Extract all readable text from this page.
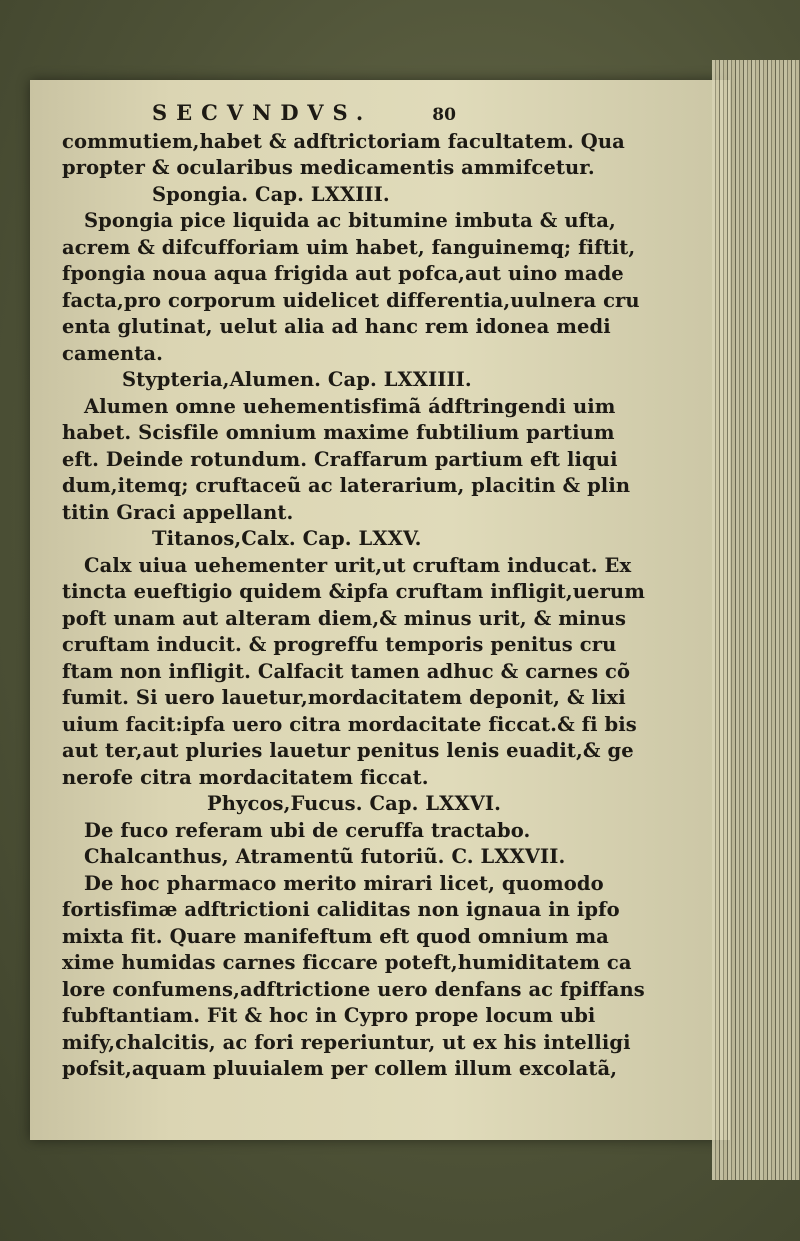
SECVNDVS.	80
commutiem,habet & adftrictoriam facultatem. Qua
propter & ocularibus medicamentis ammifcetur.
Spongia. Cap. LXXIII.
Spongia pice liquida ac bitumine imbuta & ufta,
acrem & difcufforiam uim habet, fanguinemq; fiftit,
fpongia noua aqua frigida aut pofca,aut uino made
facta,pro corporum uidelicet differentia,uulnera cru
enta glutinat, uelut alia ad hanc rem idonea medi
camenta.
Stypteria,Alumen. Cap. LXXIIII.
Alumen omne uehementisfimã ádftringendi uim
habet. Scisfile omnium maxime fubtilium partium
eft. Deinde rotundum. Craffarum partium eft liqui
dum,itemq; cruftaceũ ac laterarium, placitin & plin
titin Graci appellant.
Titanos,Calx. Cap. LXXV.
Calx uiua uehementer urit,ut cruftam inducat. Ex
tincta eueftigio quidem &ipfa cruftam infligit,uerum
poft unam aut alteram diem,& minus urit, & minus
cruftam inducit. & progreffu temporis penitus cru
ftam non infligit. Calfacit tamen adhuc & carnes cõ
fumit. Si uero lauetur,mordacitatem deponit, & lixi
uium facit:ipfa uero citra mordacitate ficcat.& fi bis
aut ter,aut pluries lauetur penitus lenis euadit,& ge
nerofe citra mordacitatem ficcat.
Phycos,Fucus. Cap. LXXVI.
De fuco referam ubi de ceruffa tractabo.
Chalcanthus, Atramentũ futoriũ. C. LXXVII.
De hoc pharmaco merito mirari licet, quomodo
fortisfimæ adftrictioni caliditas non ignaua in ipfo
mixta fit. Quare manifeftum eft quod omnium ma
xime humidas carnes ficcare poteft,humiditatem ca
lore confumens,adftrictione uero denfans ac fpiffans
fubftantiam. Fit & hoc in Cypro prope locum ubi
mify,chalcitis, ac fori reperiuntur, ut ex his intelligi
pofsit,aquam pluuialem per collem illum excolatã,
